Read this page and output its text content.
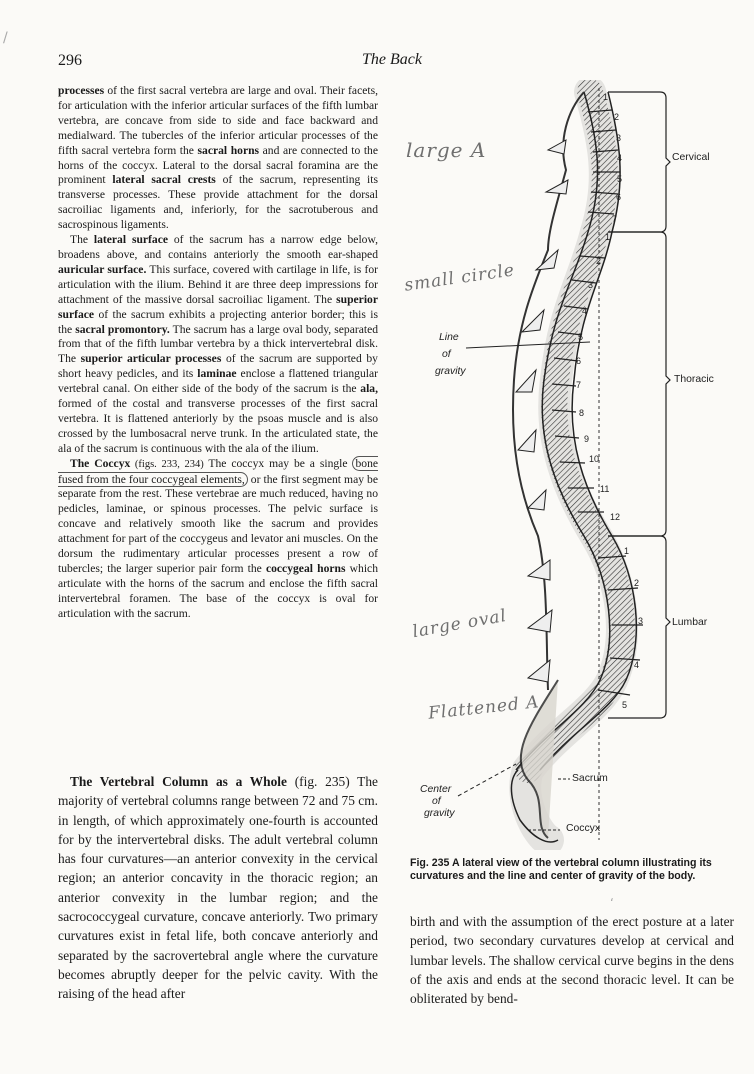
296	The Back

processes of the first sacral vertebra are large and oval. Their facets, for articulation with the inferior articular surfaces of the fifth lumbar vertebra, are concave from side to side and face backward and medialward. The tubercles of the inferior articular processes of the fifth sacral vertebra form the sacral horns and are connected to the horns of the coccyx. Lateral to the dorsal sacral foramina are the prominent lateral sacral crests of the sacrum, representing its transverse processes. These provide attachment for the dorsal sacroiliac ligaments and, inferiorly, for the sacrotuberous and sacrospinous ligaments.

The lateral surface of the sacrum has a narrow edge below, broadens above, and contains anteriorly the smooth ear-shaped auricular surface. This surface, covered with cartilage in life, is for articulation with the ilium. Behind it are three deep impressions for attachment of the massive dorsal sacroiliac ligament. The superior surface of the sacrum exhibits a projecting anterior border; this is the sacral promontory. The sacrum has a large oval body, separated from that of the fifth lumbar vertebra by a thick intervertebral disk. The superior articular processes of the sacrum are supported by short heavy pedicles, and its laminae enclose a flattened triangular vertebral canal. On either side of the body of the sacrum is the ala, formed of the costal and transverse processes of the first sacral vertebra. It is flattened anteriorly by the psoas muscle and is also crossed by the lumbosacral nerve trunk. In the articulated state, the ala of the sacrum is continuous with the ala of the ilium.

The Coccyx (figs. 233, 234) The coccyx may be a single bone fused from the four coccygeal elements, or the first segment may be separate from the rest. These vertebrae are much reduced, having no pedicles, laminae, or spinous processes. The pelvic surface is concave and relatively smooth like the sacrum and provides attachment for part of the coccygeus and levator ani muscles. On the dorsum the rudimentary articular processes present a row of tubercles; the larger superior pair form the coccygeal horns which articulate with the horns of the sacrum and enclose the fifth sacral intervertebral foramen. The base of the coccyx is oval for articulation with the sacrum.

The Vertebral Column as a Whole (fig. 235) The majority of vertebral columns range between 72 and 75 cm. in length, of which approximately one-fourth is accounted for by the intervertebral disks. The adult vertebral column has four curvatures—an anterior convexity in the cervical region; an anterior concavity in the thoracic region; an anterior convexity in the lumbar region; and the sacrococcygeal curvature, concave anteriorly. Two primary curvatures exist in fetal life, both concave anteriorly and separated by the sacrovertebral angle where the curvature becomes abruptly deeper for the pelvic cavity. With the raising of the head after

birth and with the assumption of the erect posture at a later period, two secondary curvatures develop at cervical and lumbar levels. The shallow cervical curve begins in the dens of the axis and ends at the second thoracic level. It can be obliterated by bend-

Fig. 235 A lateral view of the vertebral column illustrating its curvatures and the line and center of gravity of the body.
Cervical
Thoracic
Lumbar
1
2
3
4
5
6
7
1
2
3
4
5
6
7
8
9
10
11
12
1
2
3
4
5
Line
of
gravity
Center
of
gravity
Sacrum
Coccyx
large A
small circle
large oval
Flattened A
ʻ
/
